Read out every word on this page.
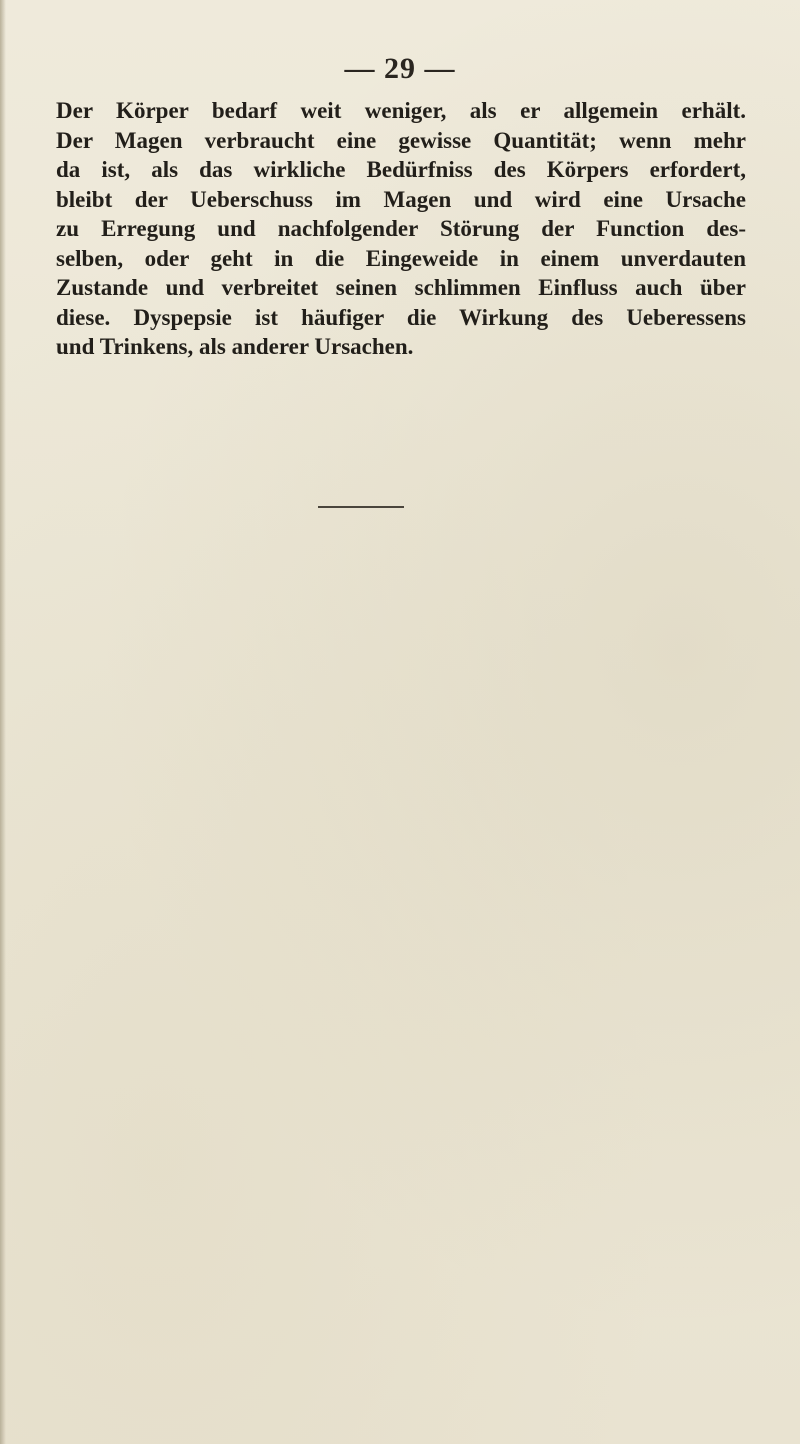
— 29 —
Der Körper bedarf weit weniger, als er allgemein erhält.
Der Magen verbraucht eine gewisse Quantität; wenn mehr
da ist, als das wirkliche Bedürfniss des Körpers erfordert,
bleibt der Ueberschuss im Magen und wird eine Ursache
zu Erregung und nachfolgender Störung der Function des-
selben, oder geht in die Eingeweide in einem unverdauten
Zustande und verbreitet seinen schlimmen Einfluss auch über
diese. Dyspepsie ist häufiger die Wirkung des Ueberessens
und Trinkens, als anderer Ursachen.
